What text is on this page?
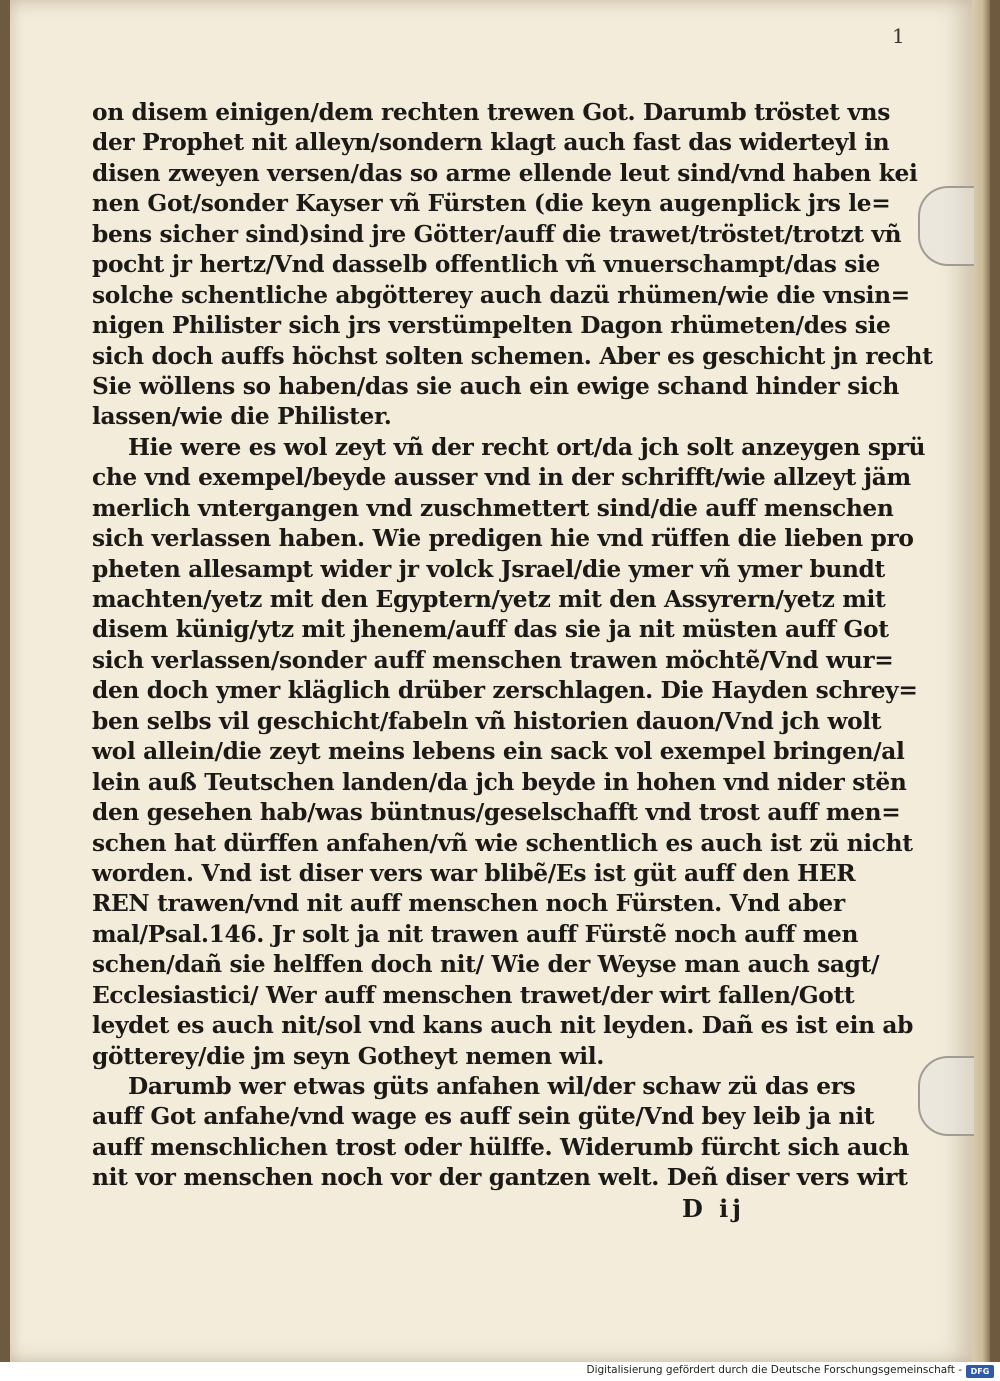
1
on disem einigen/dem rechten trewen Got. Darumb tröstet vns
der Prophet nit alleyn/sondern klagt auch fast das widerteyl in
disen zweyen versen/das so arme ellende leut sind/vnd haben kei
nen Got/sonder Kayser vñ Fürsten (die keyn augenplick jrs le=
bens sicher sind)sind jre Götter/auff die trawet/tröstet/trotzt vñ
pocht jr hertz/Vnd dasselb offentlich vñ vnuerschampt/das sie
solche schentliche abgötterey auch dazü rhümen/wie die vnsin=
nigen Philister sich jrs verstümpelten Dagon rhümeten/des sie
sich doch auffs höchst solten schemen. Aber es geschicht jn recht
Sie wöllens so haben/das sie auch ein ewige schand hinder sich
lassen/wie die Philister.
Hie were es wol zeyt vñ der recht ort/da jch solt anzeygen sprü
che vnd exempel/beyde ausser vnd in der schrifft/wie allzeyt jäm
merlich vntergangen vnd zuschmettert sind/die auff menschen
sich verlassen haben. Wie predigen hie vnd rüffen die lieben pro
pheten allesampt wider jr volck Jsrael/die ymer vñ ymer bundt
machten/yetz mit den Egyptern/yetz mit den Assyrern/yetz mit
disem künig/ytz mit jhenem/auff das sie ja nit müsten auff Got
sich verlassen/sonder auff menschen trawen möchtẽ/Vnd wur=
den doch ymer kläglich drüber zerschlagen. Die Hayden schrey=
ben selbs vil geschicht/fabeln vñ historien dauon/Vnd jch wolt
wol allein/die zeyt meins lebens ein sack vol exempel bringen/al
lein auß Teutschen landen/da jch beyde in hohen vnd nider stën
den gesehen hab/was büntnus/geselschafft vnd trost auff men=
schen hat dürffen anfahen/vñ wie schentlich es auch ist zü nicht
worden. Vnd ist diser vers war blibẽ/Es ist güt auff den HER
REN trawen/vnd nit auff menschen noch Fürsten. Vnd aber
mal/Psal.146. Jr solt ja nit trawen auff Fürstẽ noch auff men
schen/dañ sie helffen doch nit/ Wie der Weyse man auch sagt/
Ecclesiastici/ Wer auff menschen trawet/der wirt fallen/Gott
leydet es auch nit/sol vnd kans auch nit leyden. Dañ es ist ein ab
götterey/die jm seyn Gotheyt nemen wil.
Darumb wer etwas güts anfahen wil/der schaw zü das ers
auff Got anfahe/vnd wage es auff sein güte/Vnd bey leib ja nit
auff menschlichen trost oder hülffe. Widerumb fürcht sich auch
nit vor menschen noch vor der gantzen welt. Deñ diser vers wirt
D ij
Digitalisierung gefördert durch die Deutsche Forschungsgemeinschaft -	DFG
